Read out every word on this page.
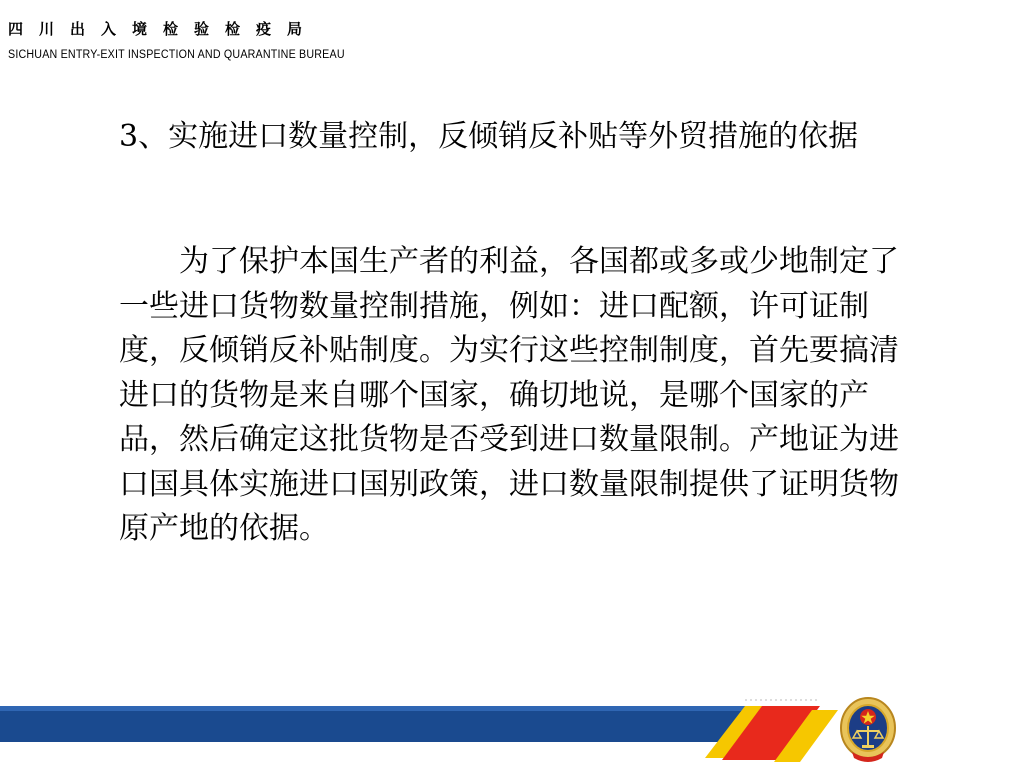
四川出入境检验检疫局
SICHUAN ENTRY-EXIT INSPECTION AND QUARANTINE BUREAU

3、实施进口数量控制，反倾销反补贴等外贸措施的依据

为了保护本国生产者的利益，各国都或多或少地制定了一些进口货物数量控制措施，例如：进口配额，许可证制度，反倾销反补贴制度。为实行这些控制制度，首先要搞清进口的货物是来自哪个国家，确切地说，是哪个国家的产品，然后确定这批货物是否受到进口数量限制。产地证为进口国具体实施进口国别政策，进口数量限制提供了证明货物原产地的依据。
